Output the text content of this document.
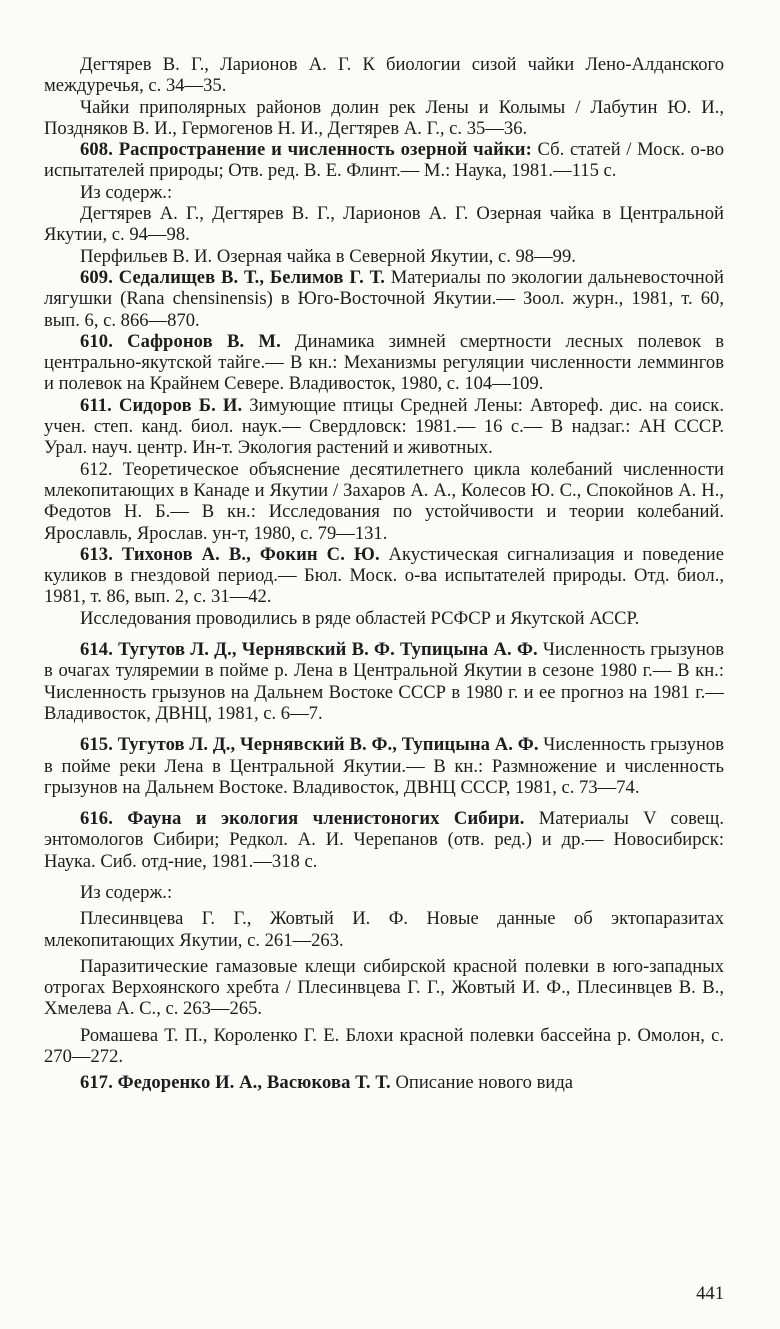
Дегтярев В. Г., Ларионов А. Г. К биологии сизой чайки Лено-Алданского междуречья, с. 34—35.

Чайки приполярных районов долин рек Лены и Колымы / Лабутин Ю. И., Поздняков В. И., Гермогенов Н. И., Дегтярев А. Г., с. 35—36.

608. Распространение и численность озерной чайки: Сб. статей / Моск. о-во испытателей природы; Отв. ред. В. Е. Флинт.— М.: Наука, 1981.—115 с.

Из содерж.:

Дегтярев А. Г., Дегтярев В. Г., Ларионов А. Г. Озерная чайка в Центральной Якутии, с. 94—98.

Перфильев В. И. Озерная чайка в Северной Якутии, с. 98—99.

609. Седалищев В. Т., Белимов Г. Т. Материалы по экологии дальневосточной лягушки (Rana chensinensis) в Юго-Восточной Якутии.— Зоол. журн., 1981, т. 60, вып. 6, с. 866—870.

610. Сафронов В. М. Динамика зимней смертности лесных полевок в центрально-якутской тайге.— В кн.: Механизмы регуляции численности леммингов и полевок на Крайнем Севере. Владивосток, 1980, с. 104—109.

611. Сидоров Б. И. Зимующие птицы Средней Лены: Автореф. дис. на соиск. учен. степ. канд. биол. наук.— Свердловск: 1981.— 16 с.— В надзаг.: АН СССР. Урал. науч. центр. Ин-т. Экология растений и животных.

612. Теоретическое объяснение десятилетнего цикла колебаний численности млекопитающих в Канаде и Якутии / Захаров А. А., Колесов Ю. С., Спокойнов А. Н., Федотов Н. Б.— В кн.: Исследования по устойчивости и теории колебаний. Ярославль, Ярослав. ун-т, 1980, с. 79—131.

613. Тихонов А. В., Фокин С. Ю. Акустическая сигнализация и поведение куликов в гнездовой период.— Бюл. Моск. о-ва испытателей природы. Отд. биол., 1981, т. 86, вып. 2, с. 31—42.

Исследования проводились в ряде областей РСФСР и Якутской АССР.

614. Тугутов Л. Д., Чернявский В. Ф. Тупицына А. Ф. Численность грызунов в очагах туляремии в пойме р. Лена в Центральной Якутии в сезоне 1980 г.— В кн.: Численность грызунов на Дальнем Востоке СССР в 1980 г. и ее прогноз на 1981 г.— Владивосток, ДВНЦ, 1981, с. 6—7.

615. Тугутов Л. Д., Чернявский В. Ф., Тупицына А. Ф. Численность грызунов в пойме реки Лена в Центральной Якутии.— В кн.: Размножение и численность грызунов на Дальнем Востоке. Владивосток, ДВНЦ СССР, 1981, с. 73—74.

616. Фауна и экология членистоногих Сибири. Материалы V совещ. энтомологов Сибири; Редкол. А. И. Черепанов (отв. ред.) и др.— Новосибирск: Наука. Сиб. отд-ние, 1981.—318 с.

Из содерж.:

Плесинвцева Г. Г., Жовтый И. Ф. Новые данные об эктопаразитах млекопитающих Якутии, с. 261—263.

Паразитические гамазовые клещи сибирской красной полевки в юго-западных отрогах Верхоянского хребта / Плесинвцева Г. Г., Жовтый И. Ф., Плесинвцев В. В., Хмелева А. С., с. 263—265.

Ромашева Т. П., Короленко Г. Е. Блохи красной полевки бассейна р. Омолон, с. 270—272.

617. Федоренко И. А., Васюкова Т. Т. Описание нового вида

441
